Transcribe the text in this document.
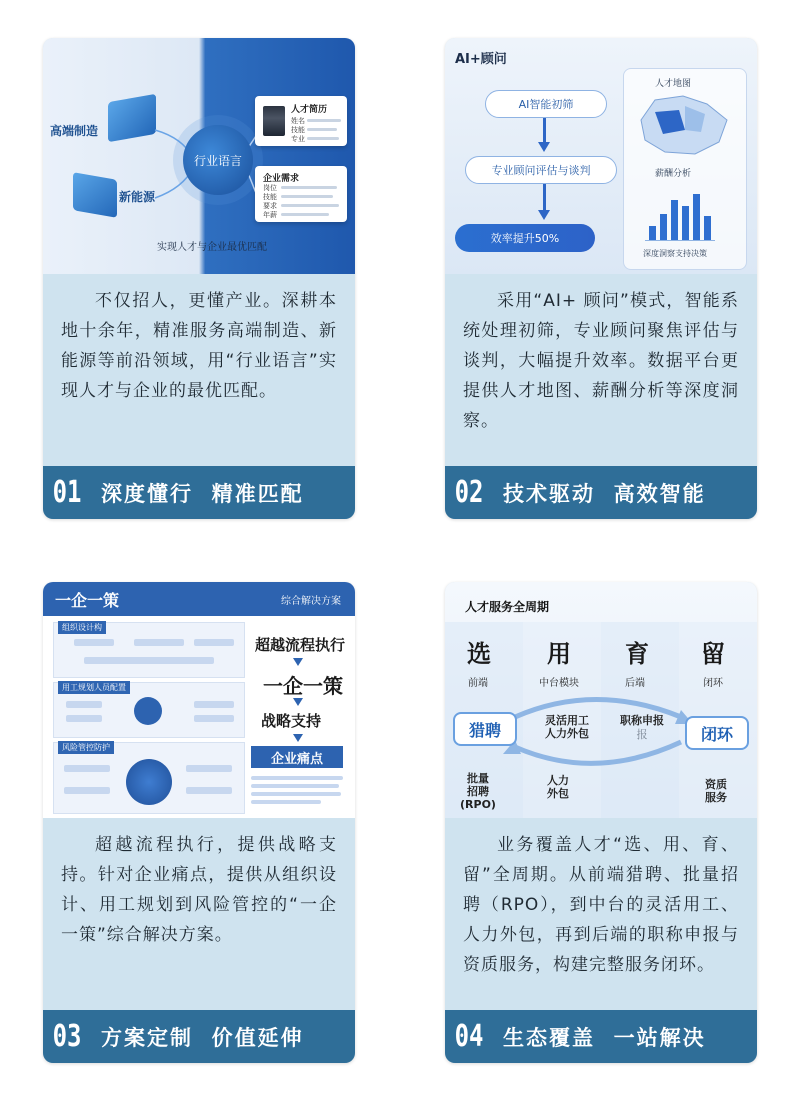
高端制造
新能源
行业语言
人才简历
姓名
技能
专业
企业需求
岗位
技能
要求
年薪
实现人才与企业最优匹配

不仅招人，更懂产业。深耕本地十余年，精准服务高端制造、新能源等前沿领域，用“行业语言”实现人才与企业的最优匹配。

01 深度懂行  精准匹配
AI+顾问
AI智能初筛
专业顾问评估与谈判
效率提升50%
人才地图
薪酬分析
深度洞察支持决策

采用“AI+ 顾问”模式，智能系统处理初筛，专业顾问聚焦评估与谈判，大幅提升效率。数据平台更提供人才地图、薪酬分析等深度洞察。

02 技术驱动  高效智能
一企一策	综合解决方案
组织设计构
用工规划人员配置
风险管控防护
超越流程执行
一企一策
战略支持
企业痛点

超越流程执行，提供战略支持。针对企业痛点，提供从组织设计、用工规划到风险管控的“一企一策”综合解决方案。

03 方案定制  价值延伸
人才服务全周期
选 用 育 留
前端	中台模块	后端	闭环
猎聘	闭环
灵活用工
人力外包
职称申报
报
批量
招聘
(RPO)
人力
外包
资质
服务

业务覆盖人才“选、用、育、留”全周期。从前端猎聘、批量招聘（RPO），到中台的灵活用工、人力外包，再到后端的职称申报与资质服务，构建完整服务闭环。

04 生态覆盖  一站解决
